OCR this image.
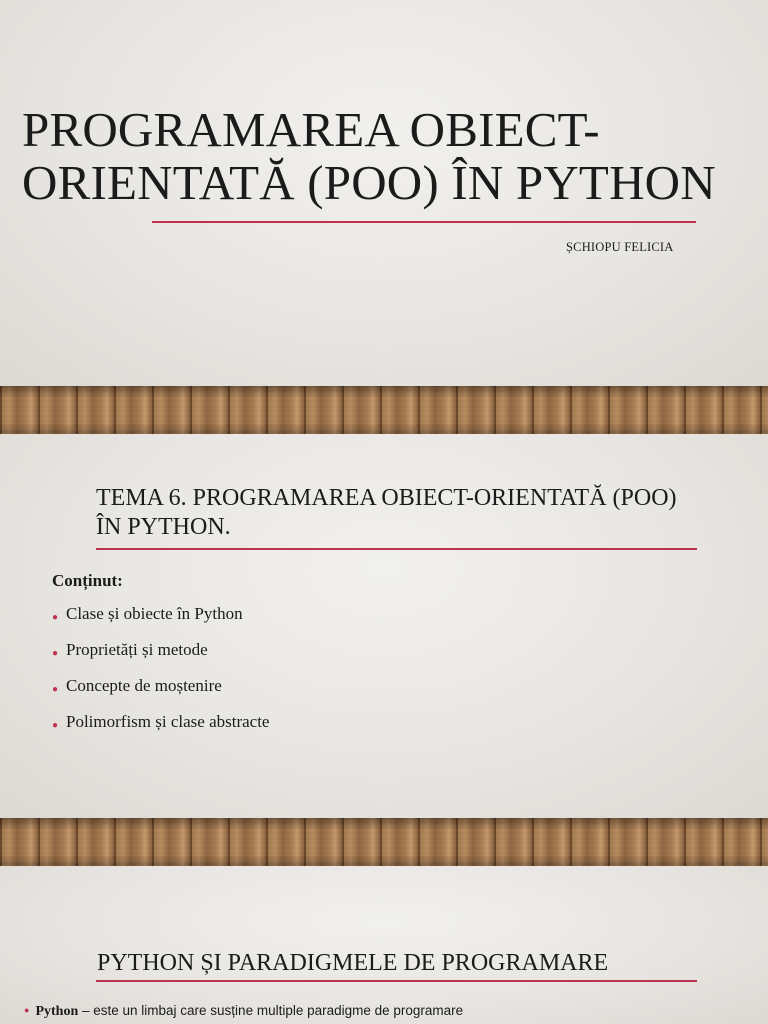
PROGRAMAREA OBIECT-ORIENTATĂ (POO) ÎN PYTHON
ȘCHIOPU FELICIA
TEMA 6. PROGRAMAREA OBIECT-ORIENTATĂ (POO) ÎN PYTHON.
Conținut:
● Clase și obiecte în Python
● Proprietăți și metode
● Concepte de moștenire
● Polimorfism și clase abstracte
PYTHON ȘI PARADIGMELE DE PROGRAMARE
● Python – este un limbaj care susține multiple paradigme de programare
